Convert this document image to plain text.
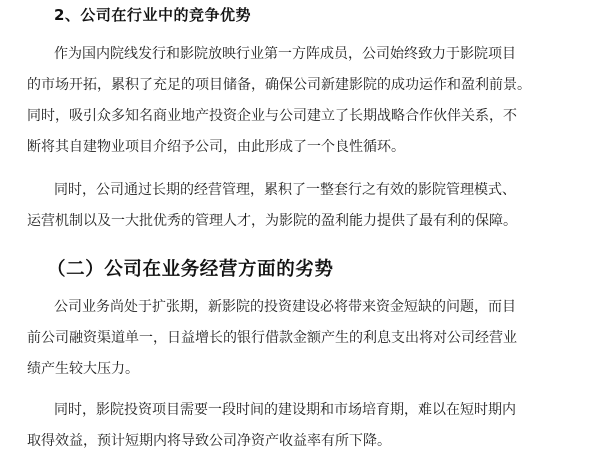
2、公司在行业中的竞争优势
作为国内院线发行和影院放映行业第一方阵成员，公司始终致力于影院项目
的市场开拓，累积了充足的项目储备，确保公司新建影院的成功运作和盈利前景。
同时，吸引众多知名商业地产投资企业与公司建立了长期战略合作伙伴关系，不
断将其自建物业项目介绍予公司，由此形成了一个良性循环。
同时，公司通过长期的经营管理，累积了一整套行之有效的影院管理模式、
运营机制以及一大批优秀的管理人才，为影院的盈利能力提供了最有利的保障。
（二）公司在业务经营方面的劣势
公司业务尚处于扩张期，新影院的投资建设必将带来资金短缺的问题，而目
前公司融资渠道单一，日益增长的银行借款金额产生的利息支出将对公司经营业
绩产生较大压力。
同时，影院投资项目需要一段时间的建设期和市场培育期，难以在短时期内
取得效益，预计短期内将导致公司净资产收益率有所下降。
